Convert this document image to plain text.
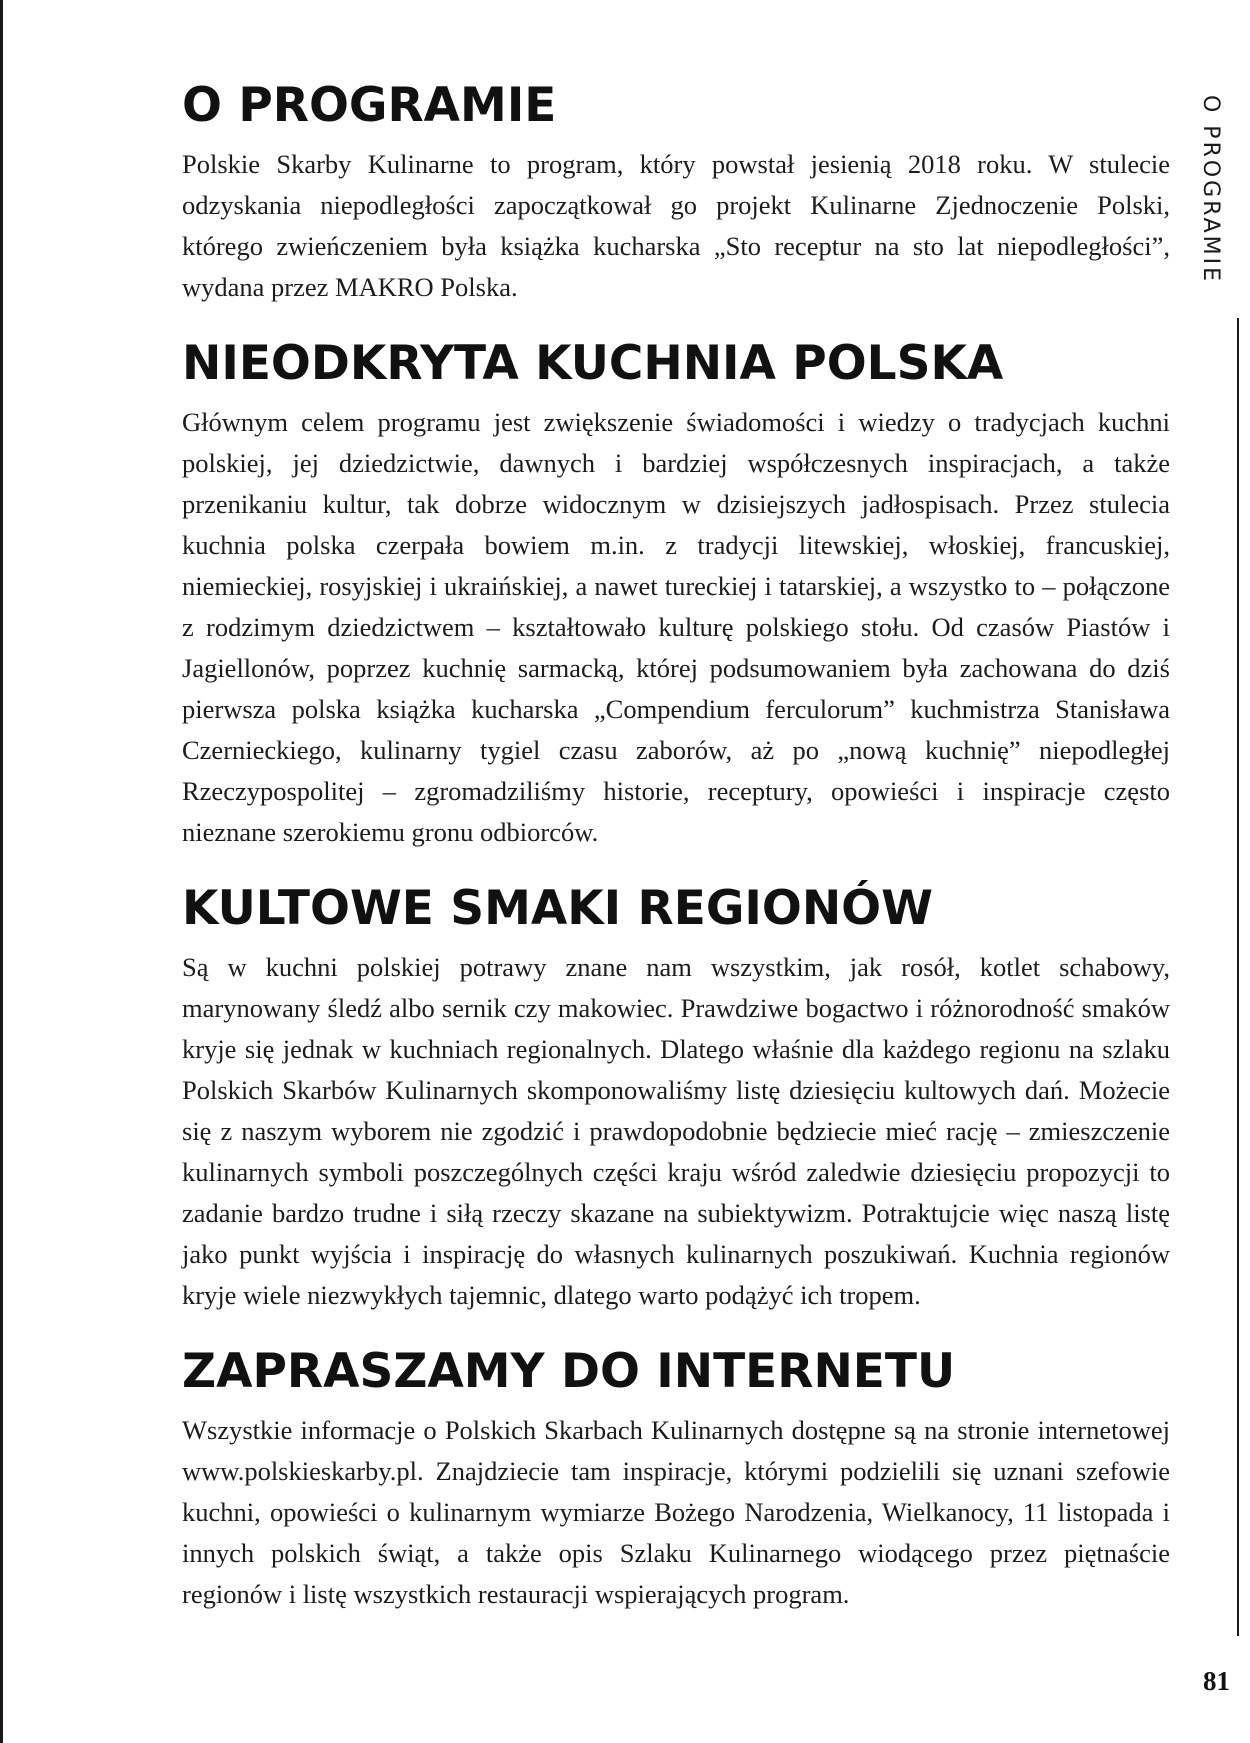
O PROGRAMIE

Polskie Skarby Kulinarne to program, który powstał jesienią 2018 roku. W stulecie odzyskania niepodległości zapoczątkował go projekt Kulinarne Zjednoczenie Polski, którego zwieńczeniem była książka kucharska „Sto receptur na sto lat niepodległości”, wydana przez MAKRO Polska.

NIEODKRYTA KUCHNIA POLSKA

Głównym celem programu jest zwiększenie świadomości i wiedzy o tradycjach kuchni polskiej, jej dziedzictwie, dawnych i bardziej współczesnych inspiracjach, a także przenikaniu kultur, tak dobrze widocznym w dzisiejszych jadłospisach. Przez stulecia kuchnia polska czerpała bowiem m.in. z tradycji litewskiej, włoskiej, francuskiej, niemieckiej, rosyjskiej i ukraińskiej, a nawet tureckiej i tatarskiej, a wszystko to – połączone z rodzimym dziedzictwem – kształtowało kulturę polskiego stołu. Od czasów Piastów i Jagiellonów, poprzez kuchnię sarmacką, której podsumowaniem była zachowana do dziś pierwsza polska książka kucharska „Compendium ferculorum” kuchmistrza Stanisława Czernieckiego, kulinarny tygiel czasu zaborów, aż po „nową kuchnię” niepodległej Rzeczypospolitej – zgromadziliśmy historie, receptury, opowieści i inspiracje często nieznane szerokiemu gronu odbiorców.

KULTOWE SMAKI REGIONÓW

Są w kuchni polskiej potrawy znane nam wszystkim, jak rosół, kotlet schabowy, marynowany śledź albo sernik czy makowiec. Prawdziwe bogactwo i różnorodność smaków kryje się jednak w kuchniach regionalnych. Dlatego właśnie dla każdego regionu na szlaku Polskich Skarbów Kulinarnych skomponowaliśmy listę dziesięciu kultowych dań. Możecie się z naszym wyborem nie zgodzić i prawdopodobnie będziecie mieć rację – zmieszczenie kulinarnych symboli poszczególnych części kraju wśród zaledwie dziesięciu propozycji to zadanie bardzo trudne i siłą rzeczy skazane na subiektywizm. Potraktujcie więc naszą listę jako punkt wyjścia i inspirację do własnych kulinarnych poszukiwań. Kuchnia regionów kryje wiele niezwykłych tajemnic, dlatego warto podążyć ich tropem.

ZAPRASZAMY DO INTERNETU

Wszystkie informacje o Polskich Skarbach Kulinarnych dostępne są na stronie internetowej www.polskieskarby.pl. Znajdziecie tam inspiracje, którymi podzielili się uznani szefowie kuchni, opowieści o kulinarnym wymiarze Bożego Narodzenia, Wielkanocy, 11 listopada i innych polskich świąt, a także opis Szlaku Kulinarnego wiodącego przez piętnaście regionów i listę wszystkich restauracji wspierających program.

O PROGRAMIE
81
